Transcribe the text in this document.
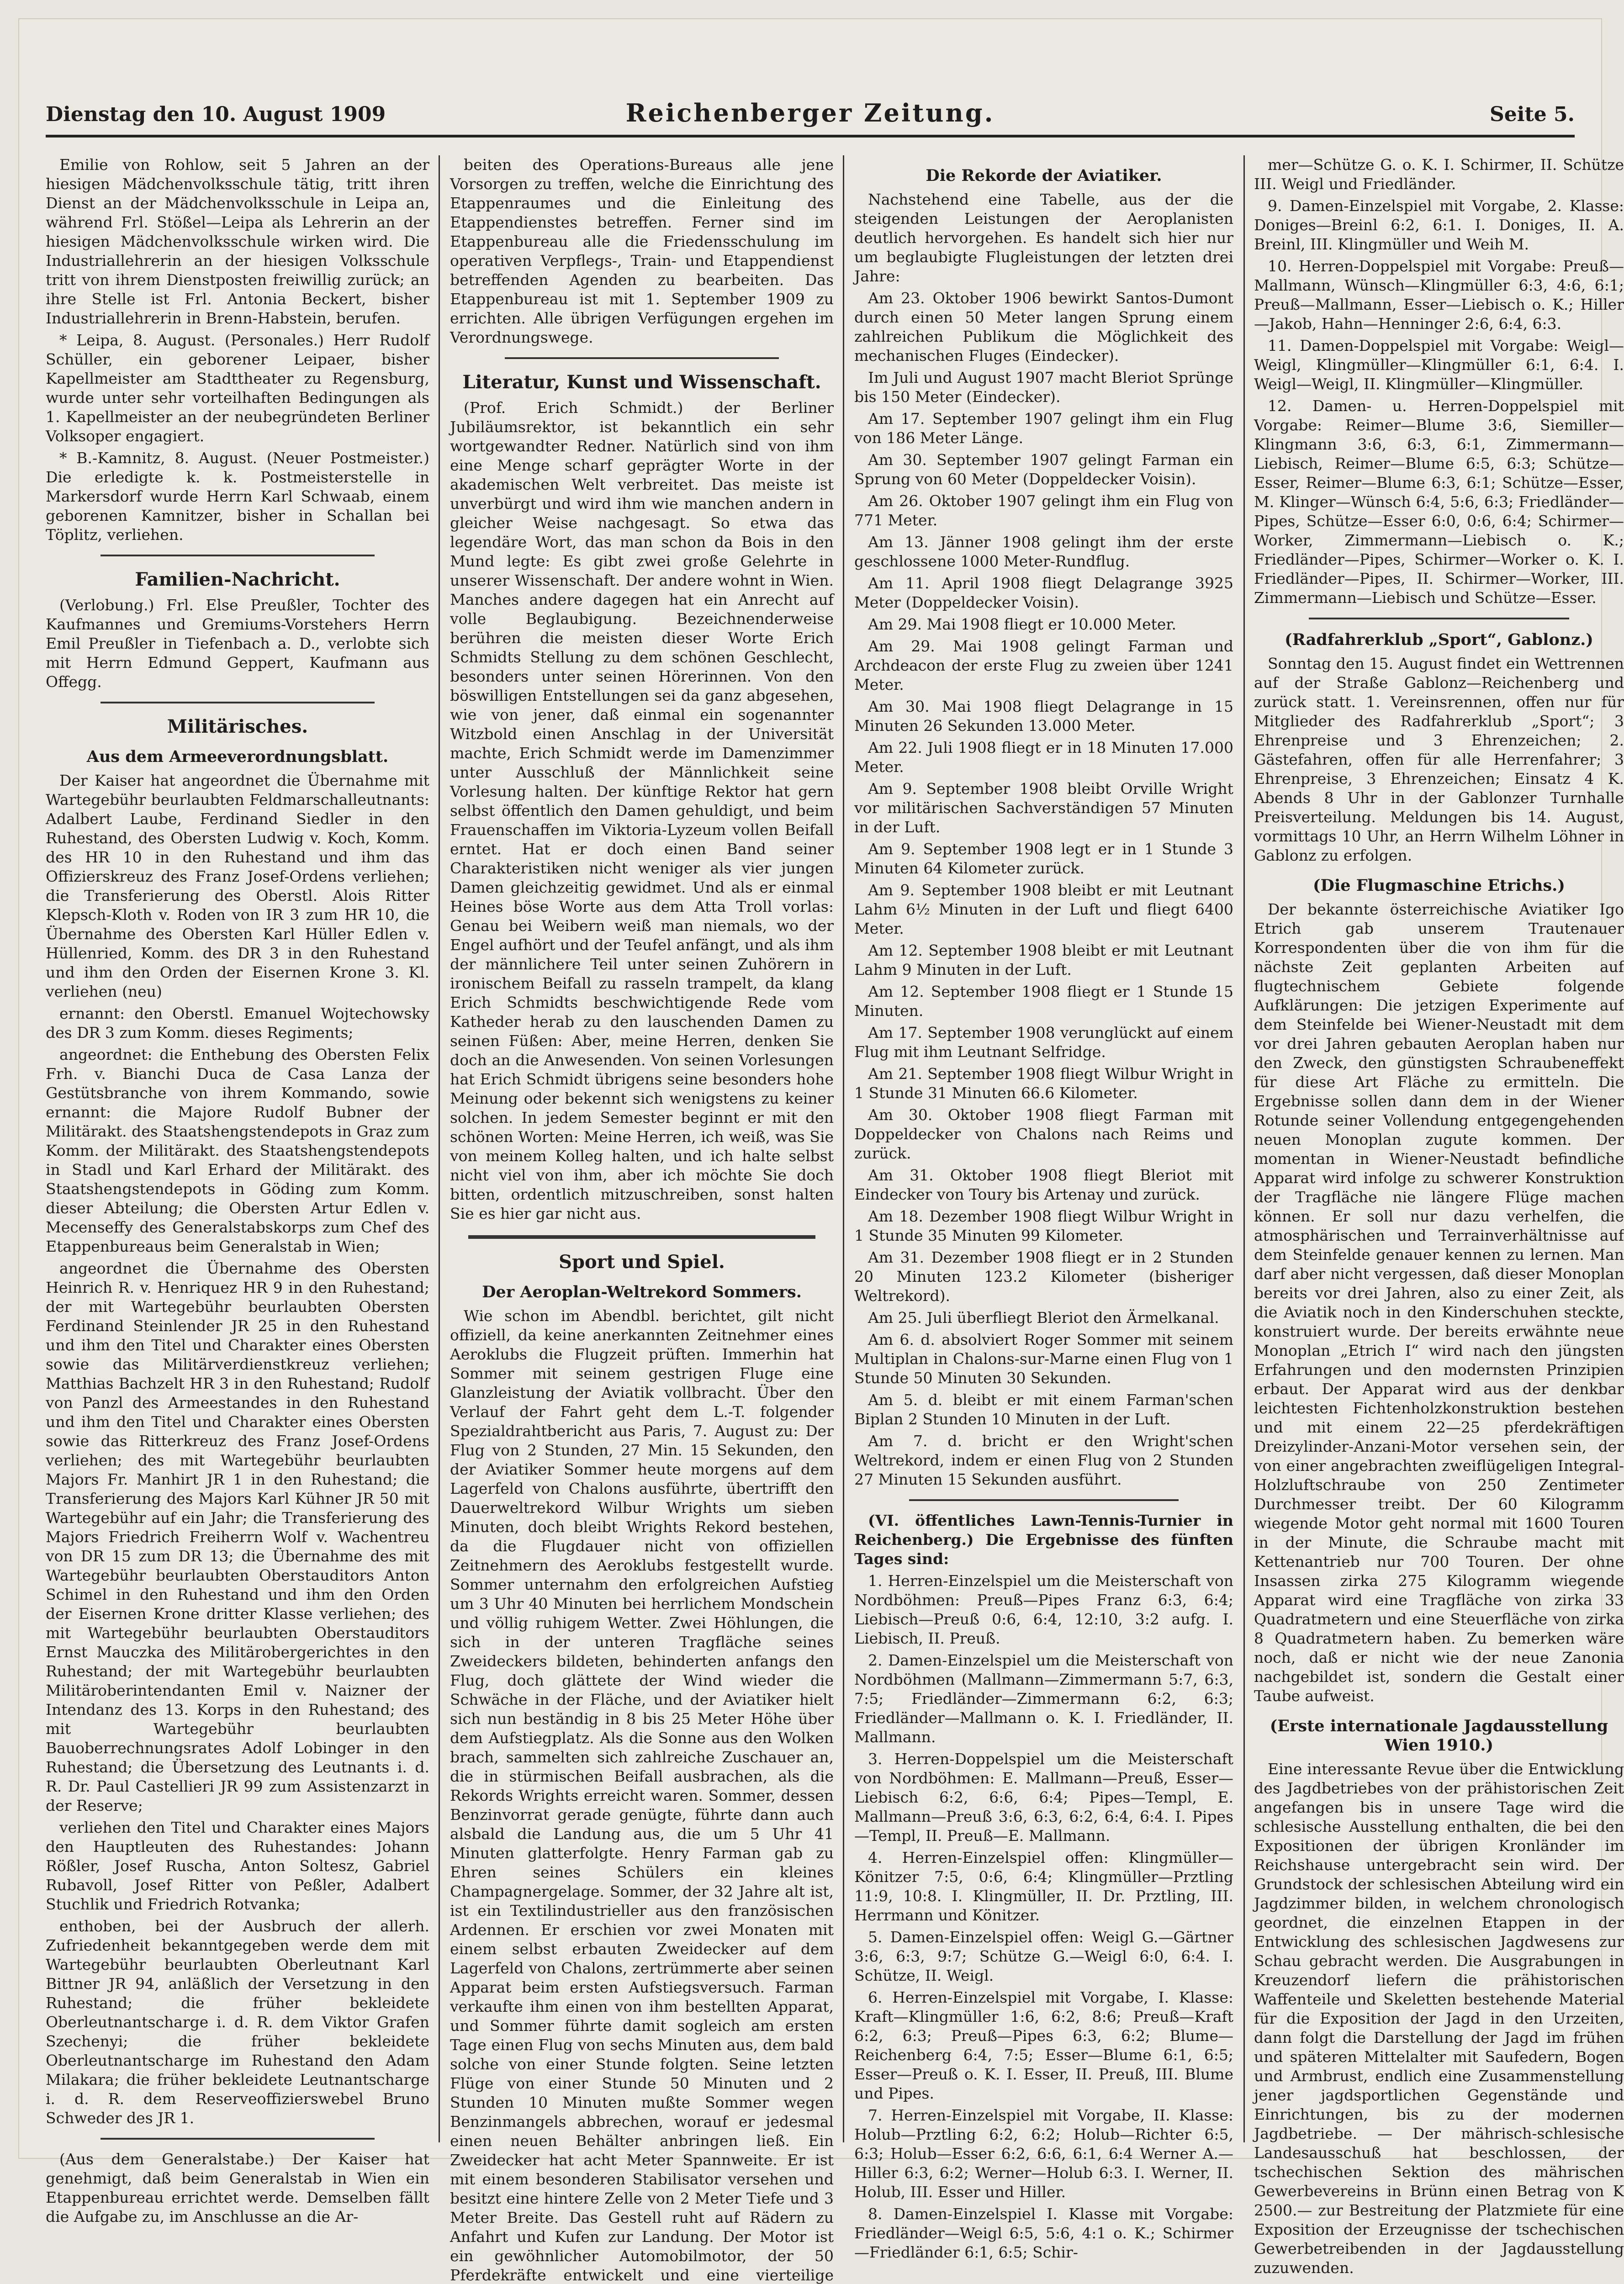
Dienstag den 10. August 1909	Reichenberger Zeitung.	Seite 5.

Emilie von Rohlow, seit 5 Jahren an der hiesigen Mädchenvolksschule tätig, tritt ihren Dienst an der Mädchenvolksschule in Leipa an, während Frl. Stößel—Leipa als Lehrerin an der hiesigen Mädchenvolksschule wirken wird. Die Industriallehrerin an der hiesigen Volksschule tritt von ihrem Dienstposten freiwillig zurück; an ihre Stelle ist Frl. Antonia Beckert, bisher Industriallehrerin in Brenn-Habstein, berufen.

* Leipa, 8. August. (Personales.) Herr Rudolf Schüller, ein geborener Leipaer, bisher Kapellmeister am Stadttheater zu Regensburg, wurde unter sehr vorteilhaften Bedingungen als 1. Kapellmeister an der neubegründeten Berliner Volksoper engagiert.

* B.-Kamnitz, 8. August. (Neuer Postmeister.) Die erledigte k. k. Postmeisterstelle in Markersdorf wurde Herrn Karl Schwaab, einem geborenen Kamnitzer, bisher in Schallan bei Töplitz, verliehen.

Familien-Nachricht.

(Verlobung.) Frl. Else Preußler, Tochter des Kaufmannes und Gremiums-Vorstehers Herrn Emil Preußler in Tiefenbach a. D., verlobte sich mit Herrn Edmund Geppert, Kaufmann aus Offegg.

Militärisches.
Aus dem Armeeverordnungsblatt.

Der Kaiser hat angeordnet die Übernahme mit Wartegebühr beurlaubten Feldmarschalleutnants: Adalbert Laube, Ferdinand Siedler in den Ruhestand, des Obersten Ludwig v. Koch, Komm. des HR 10 in den Ruhestand und ihm das Offizierskreuz des Franz Josef-Ordens verliehen; die Transferierung des Oberstl. Alois Ritter Klepsch-Kloth v. Roden von IR 3 zum HR 10, die Übernahme des Obersten Karl Hüller Edlen v. Hüllenried, Komm. des DR 3 in den Ruhestand und ihm den Orden der Eisernen Krone 3. Kl. verliehen (neu)

ernannt: den Oberstl. Emanuel Wojtechowsky des DR 3 zum Komm. dieses Regiments;

angeordnet: die Enthebung des Obersten Felix Frh. v. Bianchi Duca de Casa Lanza der Gestütsbranche von ihrem Kommando, sowie ernannt: die Majore Rudolf Bubner der Militärakt. des Staatshengstendepots in Graz zum Komm. der Militärakt. des Staatshengstendepots in Stadl und Karl Erhard der Militärakt. des Staatshengstendepots in Göding zum Komm. dieser Abteilung; die Obersten Artur Edlen v. Mecenseffy des Generalstabskorps zum Chef des Etappenbureaus beim Generalstab in Wien;

angeordnet die Übernahme des Obersten Heinrich R. v. Henriquez HR 9 in den Ruhestand; der mit Wartegebühr beurlaubten Obersten Ferdinand Steinlender JR 25 in den Ruhestand und ihm den Titel und Charakter eines Obersten sowie das Militärverdienstkreuz verliehen; Matthias Bachzelt HR 3 in den Ruhestand; Rudolf von Panzl des Armeestandes in den Ruhestand und ihm den Titel und Charakter eines Obersten sowie das Ritterkreuz des Franz Josef-Ordens verliehen; des mit Wartegebühr beurlaubten Majors Fr. Manhirt JR 1 in den Ruhestand; die Transferierung des Majors Karl Kühner JR 50 mit Wartegebühr auf ein Jahr; die Transferierung des Majors Friedrich Freiherrn Wolf v. Wachentreu von DR 15 zum DR 13; die Übernahme des mit Wartegebühr beurlaubten Oberstauditors Anton Schimel in den Ruhestand und ihm den Orden der Eisernen Krone dritter Klasse verliehen; des mit Wartegebühr beurlaubten Oberstauditors Ernst Mauczka des Militärobergerichtes in den Ruhestand; der mit Wartegebühr beurlaubten Militäroberintendanten Emil v. Naizner der Intendanz des 13. Korps in den Ruhestand; des mit Wartegebühr beurlaubten Bauoberrechnungsrates Adolf Lobinger in den Ruhestand; die Übersetzung des Leutnants i. d. R. Dr. Paul Castellieri JR 99 zum Assistenzarzt in der Reserve;

verliehen den Titel und Charakter eines Majors den Hauptleuten des Ruhestandes: Johann Rößler, Josef Ruscha, Anton Soltesz, Gabriel Rubavoll, Josef Ritter von Peßler, Adalbert Stuchlik und Friedrich Rotvanka;

enthoben, bei der Ausbruch der allerh. Zufriedenheit bekanntgegeben werde dem mit Wartegebühr beurlaubten Oberleutnant Karl Bittner JR 94, anläßlich der Versetzung in den Ruhestand; die früher bekleidete Oberleutnantscharge i. d. R. dem Viktor Grafen Szechenyi; die früher bekleidete Oberleutnantscharge im Ruhestand den Adam Milakara; die früher bekleidete Leutnantscharge i. d. R. dem Reserveoffizierswebel Bruno Schweder des JR 1.

(Aus dem Generalstabe.) Der Kaiser hat genehmigt, daß beim Generalstab in Wien ein Etappenbureau errichtet werde. Demselben fällt die Aufgabe zu, im Anschlusse an die Ar-

beiten des Operations-Bureaus alle jene Vorsorgen zu treffen, welche die Einrichtung des Etappenraumes und die Einleitung des Etappendienstes betreffen. Ferner sind im Etappenbureau alle die Friedensschulung im operativen Verpflegs-, Train- und Etappendienst betreffenden Agenden zu bearbeiten. Das Etappenbureau ist mit 1. September 1909 zu errichten. Alle übrigen Verfügungen ergehen im Verordnungswege.

Literatur, Kunst und Wissenschaft.

(Prof. Erich Schmidt.) der Berliner Jubiläumsrektor, ist bekanntlich ein sehr wortgewandter Redner. Natürlich sind von ihm eine Menge scharf geprägter Worte in der akademischen Welt verbreitet. Das meiste ist unverbürgt und wird ihm wie manchen andern in gleicher Weise nachgesagt. So etwa das legendäre Wort, das man schon da Bois in den Mund legte: Es gibt zwei große Gelehrte in unserer Wissenschaft. Der andere wohnt in Wien. Manches andere dagegen hat ein Anrecht auf volle Beglaubigung. Bezeichnenderweise berühren die meisten dieser Worte Erich Schmidts Stellung zu dem schönen Geschlecht, besonders unter seinen Hörerinnen. Von den böswilligen Entstellungen sei da ganz abgesehen, wie von jener, daß einmal ein sogenannter Witzbold einen Anschlag in der Universität machte, Erich Schmidt werde im Damenzimmer unter Ausschluß der Männlichkeit seine Vorlesung halten. Der künftige Rektor hat gern selbst öffentlich den Damen gehuldigt, und beim Frauenschaffen im Viktoria-Lyzeum vollen Beifall erntet. Hat er doch einen Band seiner Charakteristiken nicht weniger als vier jungen Damen gleichzeitig gewidmet. Und als er einmal Heines böse Worte aus dem Atta Troll vorlas: Genau bei Weibern weiß man niemals, wo der Engel aufhört und der Teufel anfängt, und als ihm der männlichere Teil unter seinen Zuhörern in ironischem Beifall zu rasseln trampelt, da klang Erich Schmidts beschwichtigende Rede vom Katheder herab zu den lauschenden Damen zu seinen Füßen: Aber, meine Herren, denken Sie doch an die Anwesenden. Von seinen Vorlesungen hat Erich Schmidt übrigens seine besonders hohe Meinung oder bekennt sich wenigstens zu keiner solchen. In jedem Semester beginnt er mit den schönen Worten: Meine Herren, ich weiß, was Sie von meinem Kolleg halten, und ich halte selbst nicht viel von ihm, aber ich möchte Sie doch bitten, ordentlich mitzuschreiben, sonst halten Sie es hier gar nicht aus.

Sport und Spiel.
Der Aeroplan-Weltrekord Sommers.

Wie schon im Abendbl. berichtet, gilt nicht offiziell, da keine anerkannten Zeitnehmer eines Aeroklubs die Flugzeit prüften. Immerhin hat Sommer mit seinem gestrigen Fluge eine Glanzleistung der Aviatik vollbracht. Über den Verlauf der Fahrt geht dem L.-T. folgender Spezialdrahtbericht aus Paris, 7. August zu: Der Flug von 2 Stunden, 27 Min. 15 Sekunden, den der Aviatiker Sommer heute morgens auf dem Lagerfeld von Chalons ausführte, übertrifft den Dauerweltrekord Wilbur Wrights um sieben Minuten, doch bleibt Wrights Rekord bestehen, da die Flugdauer nicht von offiziellen Zeitnehmern des Aeroklubs festgestellt wurde. Sommer unternahm den erfolgreichen Aufstieg um 3 Uhr 40 Minuten bei herrlichem Mondschein und völlig ruhigem Wetter. Zwei Höhlungen, die sich in der unteren Tragfläche seines Zweideckers bildeten, behinderten anfangs den Flug, doch glättete der Wind wieder die Schwäche in der Fläche, und der Aviatiker hielt sich nun beständig in 8 bis 25 Meter Höhe über dem Aufstiegplatz. Als die Sonne aus den Wolken brach, sammelten sich zahlreiche Zuschauer an, die in stürmischen Beifall ausbrachen, als die Rekords Wrights erreicht waren. Sommer, dessen Benzinvorrat gerade genügte, führte dann auch alsbald die Landung aus, die um 5 Uhr 41 Minuten glatterfolgte. Henry Farman gab zu Ehren seines Schülers ein kleines Champagnergelage. Sommer, der 32 Jahre alt ist, ist ein Textilindustrieller aus den französischen Ardennen. Er erschien vor zwei Monaten mit einem selbst erbauten Zweidecker auf dem Lagerfeld von Chalons, zertrümmerte aber seinen Apparat beim ersten Aufstiegsversuch. Farman verkaufte ihm einen von ihm bestellten Apparat, und Sommer führte damit sogleich am ersten Tage einen Flug von sechs Minuten aus, dem bald solche von einer Stunde folgten. Seine letzten Flüge von einer Stunde 50 Minuten und 2 Stunden 10 Minuten mußte Sommer wegen Benzinmangels abbrechen, worauf er jedesmal einen neuen Behälter anbringen ließ. Ein Zweidecker hat acht Meter Spannweite. Er ist mit einem besonderen Stabilisator versehen und besitzt eine hintere Zelle von 2 Meter Tiefe und 3 Meter Breite. Das Gestell ruht auf Rädern zu Anfahrt und Kufen zur Landung. Der Motor ist ein gewöhnlicher Automobilmotor, der 50 Pferdekräfte entwickelt und eine vierteilige

Die Rekorde der Aviatiker.

Nachstehend eine Tabelle, aus der die steigenden Leistungen der Aeroplanisten deutlich hervorgehen. Es handelt sich hier nur um beglaubigte Flugleistungen der letzten drei Jahre:

Am 23. Oktober 1906 bewirkt Santos-Dumont durch einen 50 Meter langen Sprung einem zahlreichen Publikum die Möglichkeit des mechanischen Fluges (Eindecker).

Im Juli und August 1907 macht Bleriot Sprünge bis 150 Meter (Eindecker).

Am 17. September 1907 gelingt ihm ein Flug von 186 Meter Länge.

Am 30. September 1907 gelingt Farman ein Sprung von 60 Meter (Doppeldecker Voisin).

Am 26. Oktober 1907 gelingt ihm ein Flug von 771 Meter.

Am 13. Jänner 1908 gelingt ihm der erste geschlossene 1000 Meter-Rundflug.

Am 11. April 1908 fliegt Delagrange 3925 Meter (Doppeldecker Voisin).

Am 29. Mai 1908 fliegt er 10.000 Meter.

Am 29. Mai 1908 gelingt Farman und Archdeacon der erste Flug zu zweien über 1241 Meter.

Am 30. Mai 1908 fliegt Delagrange in 15 Minuten 26 Sekunden 13.000 Meter.

Am 22. Juli 1908 fliegt er in 18 Minuten 17.000 Meter.

Am 9. September 1908 bleibt Orville Wright vor militärischen Sachverständigen 57 Minuten in der Luft.

Am 9. September 1908 legt er in 1 Stunde 3 Minuten 64 Kilometer zurück.

Am 9. September 1908 bleibt er mit Leutnant Lahm 6½ Minuten in der Luft und fliegt 6400 Meter.

Am 12. September 1908 bleibt er mit Leutnant Lahm 9 Minuten in der Luft.

Am 12. September 1908 fliegt er 1 Stunde 15 Minuten.

Am 17. September 1908 verunglückt auf einem Flug mit ihm Leutnant Selfridge.

Am 21. September 1908 fliegt Wilbur Wright in 1 Stunde 31 Minuten 66.6 Kilometer.

Am 30. Oktober 1908 fliegt Farman mit Doppeldecker von Chalons nach Reims und zurück.

Am 31. Oktober 1908 fliegt Bleriot mit Eindecker von Toury bis Artenay und zurück.

Am 18. Dezember 1908 fliegt Wilbur Wright in 1 Stunde 35 Minuten 99 Kilometer.

Am 31. Dezember 1908 fliegt er in 2 Stunden 20 Minuten 123.2 Kilometer (bisheriger Weltrekord).

Am 25. Juli überfliegt Bleriot den Ärmelkanal.

Am 6. d. absolviert Roger Sommer mit seinem Multiplan in Chalons-sur-Marne einen Flug von 1 Stunde 50 Minuten 30 Sekunden.

Am 5. d. bleibt er mit einem Farman'schen Biplan 2 Stunden 10 Minuten in der Luft.

Am 7. d. bricht er den Wright'schen Weltrekord, indem er einen Flug von 2 Stunden 27 Minuten 15 Sekunden ausführt.

(VI. öffentliches Lawn-Tennis-Turnier in Reichenberg.) Die Ergebnisse des fünften Tages sind:

1. Herren-Einzelspiel um die Meisterschaft von Nordböhmen: Preuß—Pipes Franz 6:3, 6:4; Liebisch—Preuß 0:6, 6:4, 12:10, 3:2 aufg. I. Liebisch, II. Preuß.

2. Damen-Einzelspiel um die Meisterschaft von Nordböhmen (Mallmann—Zimmermann 5:7, 6:3, 7:5; Friedländer—Zimmermann 6:2, 6:3; Friedländer—Mallmann o. K. I. Friedländer, II. Mallmann.

3. Herren-Doppelspiel um die Meisterschaft von Nordböhmen: E. Mallmann—Preuß, Esser—Liebisch 6:2, 6:6, 6:4; Pipes—Templ, E. Mallmann—Preuß 3:6, 6:3, 6:2, 6:4, 6:4. I. Pipes—Templ, II. Preuß—E. Mallmann.

4. Herren-Einzelspiel offen: Klingmüller—Könitzer 7:5, 0:6, 6:4; Klingmüller—Prztling 11:9, 10:8. I. Klingmüller, II. Dr. Prztling, III. Herrmann und Könitzer.

5. Damen-Einzelspiel offen: Weigl G.—Gärtner 3:6, 6:3, 9:7; Schütze G.—Weigl 6:0, 6:4. I. Schütze, II. Weigl.

6. Herren-Einzelspiel mit Vorgabe, I. Klasse: Kraft—Klingmüller 1:6, 6:2, 8:6; Preuß—Kraft 6:2, 6:3; Preuß—Pipes 6:3, 6:2; Blume—Reichenberg 6:4, 7:5; Esser—Blume 6:1, 6:5; Esser—Preuß o. K. I. Esser, II. Preuß, III. Blume und Pipes.

7. Herren-Einzelspiel mit Vorgabe, II. Klasse: Holub—Prztling 6:2, 6:2; Holub—Richter 6:5, 6:3; Holub—Esser 6:2, 6:6, 6:1, 6:4 Werner A.—Hiller 6:3, 6:2; Werner—Holub 6:3. I. Werner, II. Holub, III. Esser und Hiller.

8. Damen-Einzelspiel I. Klasse mit Vorgabe: Friedländer—Weigl 6:5, 5:6, 4:1 o. K.; Schirmer—Friedländer 6:1, 6:5; Schir-

mer—Schütze G. o. K. I. Schirmer, II. Schütze III. Weigl und Friedländer.

9. Damen-Einzelspiel mit Vorgabe, 2. Klasse: Doniges—Breinl 6:2, 6:1. I. Doniges, II. A. Breinl, III. Klingmüller und Weih M.

10. Herren-Doppelspiel mit Vorgabe: Preuß—Mallmann, Wünsch—Klingmüller 6:3, 4:6, 6:1; Preuß—Mallmann, Esser—Liebisch o. K.; Hiller—Jakob, Hahn—Henninger 2:6, 6:4, 6:3.

11. Damen-Doppelspiel mit Vorgabe: Weigl—Weigl, Klingmüller—Klingmüller 6:1, 6:4. I. Weigl—Weigl, II. Klingmüller—Klingmüller.

12. Damen- u. Herren-Doppelspiel mit Vorgabe: Reimer—Blume 3:6, Siemiller—Klingmann 3:6, 6:3, 6:1, Zimmermann—Liebisch, Reimer—Blume 6:5, 6:3; Schütze—Esser, Reimer—Blume 6:3, 6:1; Schütze—Esser, M. Klinger—Wünsch 6:4, 5:6, 6:3; Friedländer—Pipes, Schütze—Esser 6:0, 0:6, 6:4; Schirmer—Worker, Zimmermann—Liebisch o. K.; Friedländer—Pipes, Schirmer—Worker o. K. I. Friedländer—Pipes, II. Schirmer—Worker, III. Zimmermann—Liebisch und Schütze—Esser.

(Radfahrerklub „Sport“, Gablonz.)

Sonntag den 15. August findet ein Wettrennen auf der Straße Gablonz—Reichenberg und zurück statt. 1. Vereinsrennen, offen nur für Mitglieder des Radfahrerklub „Sport“; 3 Ehrenpreise und 3 Ehrenzeichen; 2. Gästefahren, offen für alle Herrenfahrer; 3 Ehrenpreise, 3 Ehrenzeichen; Einsatz 4 K. Abends 8 Uhr in der Gablonzer Turnhalle Preisverteilung. Meldungen bis 14. August, vormittags 10 Uhr, an Herrn Wilhelm Löhner in Gablonz zu erfolgen.

(Die Flugmaschine Etrichs.)

Der bekannte österreichische Aviatiker Igo Etrich gab unserem Trautenauer Korrespondenten über die von ihm für die nächste Zeit geplanten Arbeiten auf flugtechnischem Gebiete folgende Aufklärungen: Die jetzigen Experimente auf dem Steinfelde bei Wiener-Neustadt mit dem vor drei Jahren gebauten Aeroplan haben nur den Zweck, den günstigsten Schraubeneffekt für diese Art Fläche zu ermitteln. Die Ergebnisse sollen dann dem in der Wiener Rotunde seiner Vollendung entgegengehenden neuen Monoplan zugute kommen. Der momentan in Wiener-Neustadt befindliche Apparat wird infolge zu schwerer Konstruktion der Tragfläche nie längere Flüge machen können. Er soll nur dazu verhelfen, die atmosphärischen und Terrainverhältnisse auf dem Steinfelde genauer kennen zu lernen. Man darf aber nicht vergessen, daß dieser Monoplan bereits vor drei Jahren, also zu einer Zeit, als die Aviatik noch in den Kinderschuhen steckte, konstruiert wurde. Der bereits erwähnte neue Monoplan „Etrich I“ wird nach den jüngsten Erfahrungen und den modernsten Prinzipien erbaut. Der Apparat wird aus der denkbar leichtesten Fichtenholzkonstruktion bestehen und mit einem 22—25 pferdekräftigen Dreizylinder-Anzani-Motor versehen sein, der von einer angebrachten zweiflügeligen Integral-Holzluftschraube von 250 Zentimeter Durchmesser treibt. Der 60 Kilogramm wiegende Motor geht normal mit 1600 Touren in der Minute, die Schraube macht mit Kettenantrieb nur 700 Touren. Der ohne Insassen zirka 275 Kilogramm wiegende Apparat wird eine Tragfläche von zirka 33 Quadratmetern und eine Steuerfläche von zirka 8 Quadratmetern haben. Zu bemerken wäre noch, daß er nicht wie der neue Zanonia nachgebildet ist, sondern die Gestalt einer Taube aufweist.

(Erste internationale Jagdausstellung Wien 1910.)

Eine interessante Revue über die Entwicklung des Jagdbetriebes von der prähistorischen Zeit angefangen bis in unsere Tage wird die schlesische Ausstellung enthalten, die bei den Expositionen der übrigen Kronländer im Reichshause untergebracht sein wird. Der Grundstock der schlesischen Abteilung wird ein Jagdzimmer bilden, in welchem chronologisch geordnet, die einzelnen Etappen in der Entwicklung des schlesischen Jagdwesens zur Schau gebracht werden. Die Ausgrabungen in Kreuzendorf liefern die prähistorischen Waffenteile und Skeletten bestehende Material für die Exposition der Jagd in den Urzeiten, dann folgt die Darstellung der Jagd im frühen und späteren Mittelalter mit Saufedern, Bogen und Armbrust, endlich eine Zusammenstellung jener jagdsportlichen Gegenstände und Einrichtungen, bis zu der modernen Jagdbetriebe. — Der mährisch-schlesische Landesausschuß hat beschlossen, der tschechischen Sektion des mährischen Gewerbevereins in Brünn einen Betrag von K 2500.— zur Bestreitung der Platzmiete für eine Exposition der Erzeugnisse der tschechischen Gewerbetreibenden in der Jagdausstellung zuzuwenden.
